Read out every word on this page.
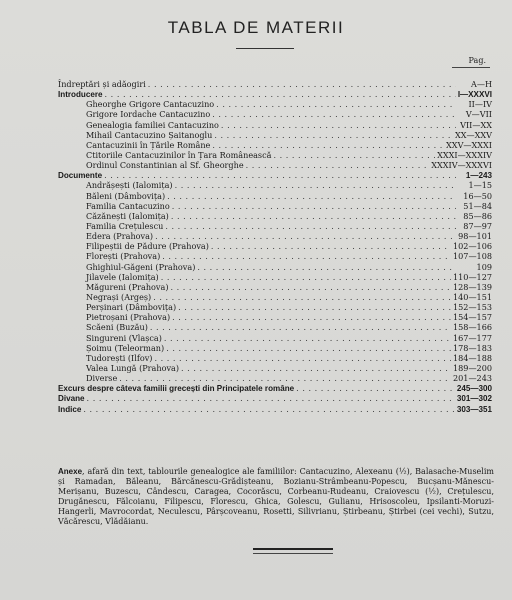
TABLA DE MATERII
Pag.
Îndreptări și adăogiri . . .	A—H
Introducere . . .	I—XXXVI
Gheorghe Grigore Cantacuzino . . .	II—IV
Grigore Iordache Cantacuzino . . .	V—VII
Genealogia familiei Cantacuzino . . .	VII—XX
Mihail Cantacuzino Șaitanoglu . . .	XX—XXV
Cantacuzinii în Țările Române . . .	XXV—XXXI
Ctitoriile Cantacuzinilor în Țara Românească . . .	XXXI—XXXIV
Ordinul Constantinian al Sf. Gheorghe . . .	XXXIV—XXXVI
Documente . . .	1—243
Andrășești (Ialomița) . . .	1—15
Băleni (Dâmbovița) . . .	16—50
Familia Cantacuzino . . .	51—84
Căzănești (Ialomița) . . .	85—86
Familia Crețulescu . . .	87—97
Edera (Prahova) . . .	98—101
Filipeștii de Pădure (Prahova) . . .	102—106
Florești (Prahova) . . .	107—108
Ghighiul-Găgeni (Prahova) . . .	109
Jilavele (Ialomița) . . .	110—127
Măgureni (Prahova) . . .	128—139
Negrași (Argeș) . . .	140—151
Perșinari (Dâmbovița) . . .	152—153
Pietroșani (Prahova) . . .	154—157
Scăeni (Buzău) . . .	158—166
Singureni (Vlașca) . . .	167—177
Șoimu (Teleorman) . . .	178—183
Tudorești (Ilfov) . . .	184—188
Valea Lungă (Prahova) . . .	189—200
Diverse . . .	201—243
Excurs despre câteva familii grecești din Principatele române . . .	245—300
Divane . . .	301—302
Indice . . .	303—351
Anexe, afară din text, tablourile genealogice ale familiilor: Cantacuzino, Alexeanu (½), Balasache-Muselim și Ramadan, Băleanu, Bărcănescu-Grădișteanu, Bozianu-Strâmbeanu-Popescu, Bucșanu-Mănescu-Merișanu, Buzescu, Cândescu, Caragea, Cocorăscu, Corbeanu-Rudeanu, Craiovescu (½), Crețulescu, Drugănescu, Fălcoianu, Filipescu, Florescu, Ghica, Golescu, Gulianu, Hrisoscoleu, Ipsilanti-Moruzi-Hangerli, Mavrocordat, Neculescu, Pârșcoveanu, Rosetti, Silivrianu, Știrbeanu, Știrbei (cei vechi), Sutzu, Văcărescu, Vlădăianu.
